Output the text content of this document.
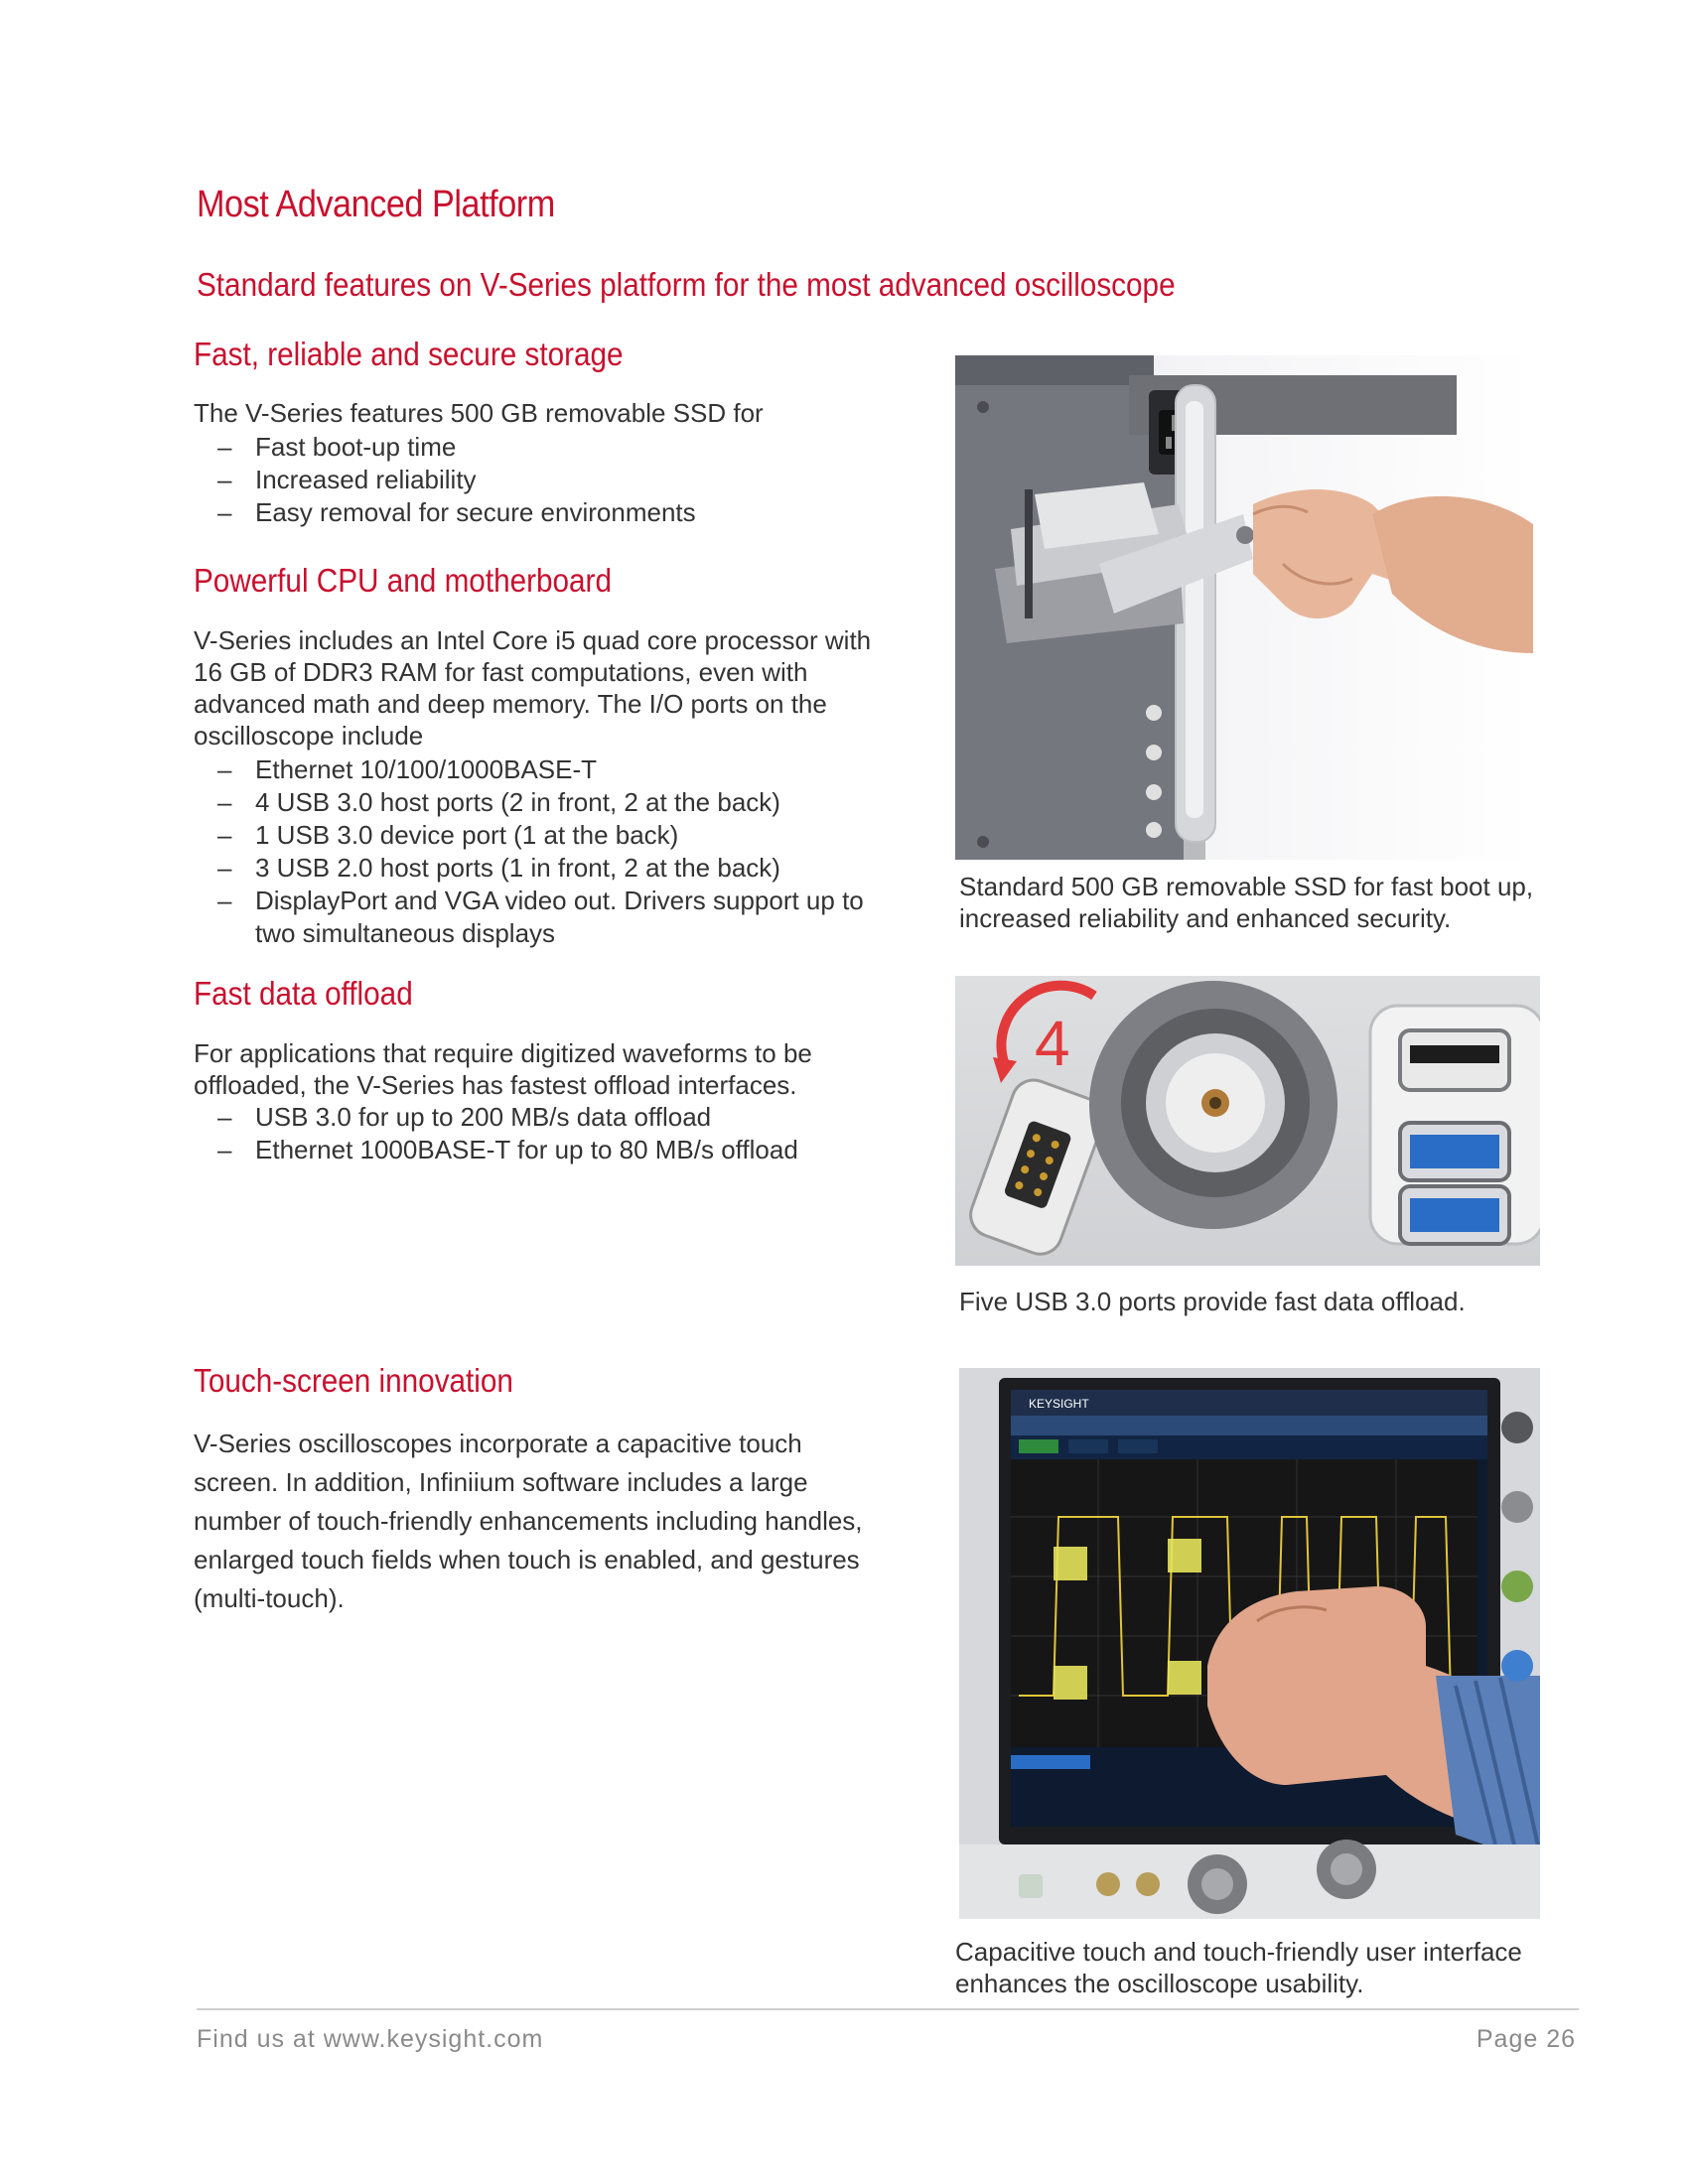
Most Advanced Platform
Standard features on V-Series platform for the most advanced oscilloscope
Fast, reliable and secure storage
The V-Series features 500 GB removable SSD for
– Fast boot-up time
– Increased reliability
– Easy removal for secure environments
Powerful CPU and motherboard
V-Series includes an Intel Core i5 quad core processor with 16 GB of DDR3 RAM for fast computations, even with advanced math and deep memory. The I/O ports on the oscilloscope include
– Ethernet 10/100/1000BASE-T
– 4 USB 3.0 host ports (2 in front, 2 at the back)
– 1 USB 3.0 device port (1 at the back)
– 3 USB 2.0 host ports (1 in front, 2 at the back)
– DisplayPort and VGA video out. Drivers support up to two simultaneous displays
Fast data offload
For applications that require digitized waveforms to be offloaded, the V-Series has fastest offload interfaces.
– USB 3.0 for up to 200 MB/s data offload
– Ethernet 1000BASE-T for up to 80 MB/s offload
Touch-screen innovation
V-Series oscilloscopes incorporate a capacitive touch screen. In addition, Infiniium software includes a large number of touch-friendly enhancements including handles, enlarged touch fields when touch is enabled, and gestures (multi-touch).
Standard 500 GB removable SSD for fast boot up, increased reliability and enhanced security.
4
Five USB 3.0 ports provide fast data offload.
KEYSIGHT
Capacitive touch and touch-friendly user interface enhances the oscilloscope usability.
Find us at www.keysight.com	Page 26
